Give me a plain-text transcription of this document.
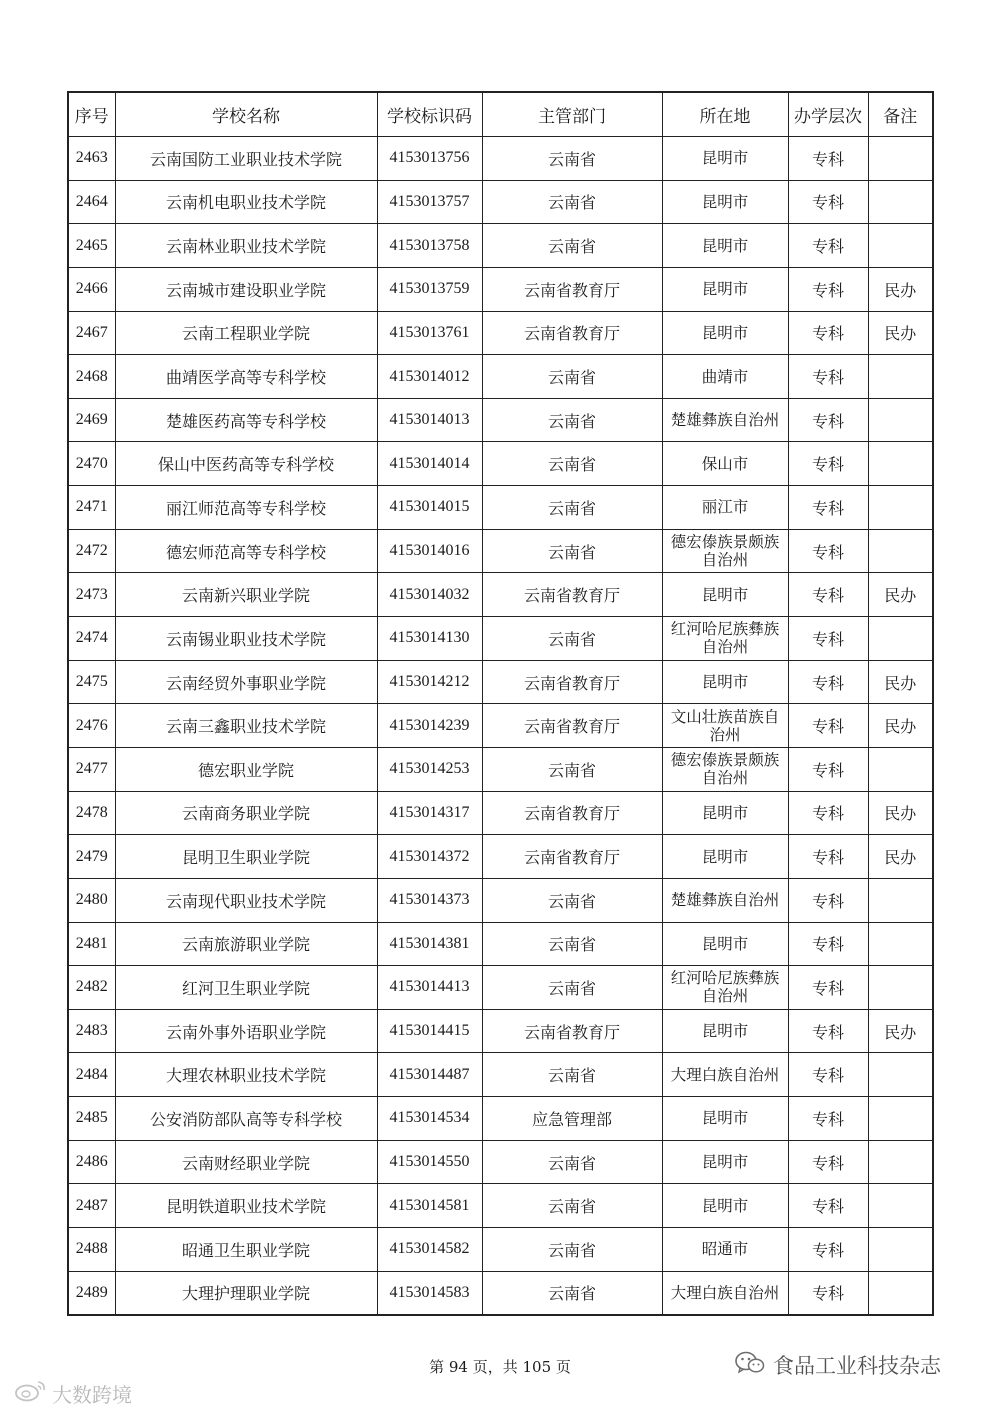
序号	学校名称	学校标识码	主管部门	所在地	办学层次	备注
2463	云南国防工业职业技术学院	4153013756	云南省	昆明市	专科	
2464	云南机电职业技术学院	4153013757	云南省	昆明市	专科	
2465	云南林业职业技术学院	4153013758	云南省	昆明市	专科	
2466	云南城市建设职业学院	4153013759	云南省教育厅	昆明市	专科	民办
2467	云南工程职业学院	4153013761	云南省教育厅	昆明市	专科	民办
2468	曲靖医学高等专科学校	4153014012	云南省	曲靖市	专科	
2469	楚雄医药高等专科学校	4153014013	云南省	楚雄彝族自治州	专科	
2470	保山中医药高等专科学校	4153014014	云南省	保山市	专科	
2471	丽江师范高等专科学校	4153014015	云南省	丽江市	专科	
2472	德宏师范高等专科学校	4153014016	云南省	德宏傣族景颇族自治州	专科	
2473	云南新兴职业学院	4153014032	云南省教育厅	昆明市	专科	民办
2474	云南锡业职业技术学院	4153014130	云南省	红河哈尼族彝族自治州	专科	
2475	云南经贸外事职业学院	4153014212	云南省教育厅	昆明市	专科	民办
2476	云南三鑫职业技术学院	4153014239	云南省教育厅	文山壮族苗族自治州	专科	民办
2477	德宏职业学院	4153014253	云南省	德宏傣族景颇族自治州	专科	
2478	云南商务职业学院	4153014317	云南省教育厅	昆明市	专科	民办
2479	昆明卫生职业学院	4153014372	云南省教育厅	昆明市	专科	民办
2480	云南现代职业技术学院	4153014373	云南省	楚雄彝族自治州	专科	
2481	云南旅游职业学院	4153014381	云南省	昆明市	专科	
2482	红河卫生职业学院	4153014413	云南省	红河哈尼族彝族自治州	专科	
2483	云南外事外语职业学院	4153014415	云南省教育厅	昆明市	专科	民办
2484	大理农林职业技术学院	4153014487	云南省	大理白族自治州	专科	
2485	公安消防部队高等专科学校	4153014534	应急管理部	昆明市	专科	
2486	云南财经职业学院	4153014550	云南省	昆明市	专科	
2487	昆明铁道职业技术学院	4153014581	云南省	昆明市	专科	
2488	昭通卫生职业学院	4153014582	云南省	昭通市	专科	
2489	大理护理职业学院	4153014583	云南省	大理白族自治州	专科	
第 94 页，共 105 页	食品工业科技杂志
大数跨境
